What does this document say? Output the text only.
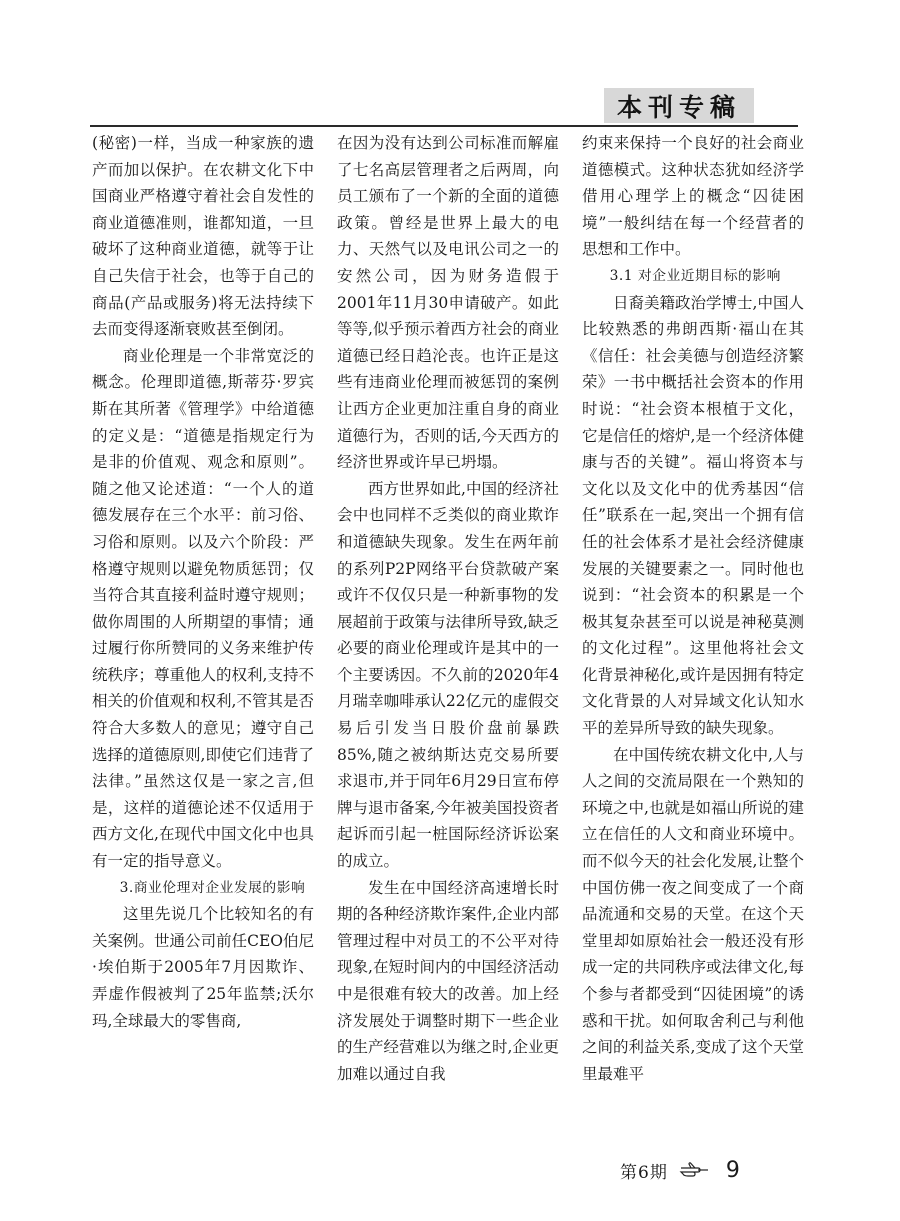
本刊专稿

(秘密)一样，当成一种家族的遗产而加以保护。在农耕文化下中国商业严格遵守着社会自发性的商业道德准则，谁都知道，一旦破坏了这种商业道德，就等于让自己失信于社会，也等于自己的商品(产品或服务)将无法持续下去而变得逐渐衰败甚至倒闭。

商业伦理是一个非常宽泛的概念。伦理即道德,斯蒂芬·罗宾斯在其所著《管理学》中给道德的定义是：“道德是指规定行为是非的价值观、观念和原则”。随之他又论述道：“一个人的道德发展存在三个水平：前习俗、习俗和原则。以及六个阶段：严格遵守规则以避免物质惩罚；仅当符合其直接利益时遵守规则；做你周围的人所期望的事情；通过履行你所赞同的义务来维护传统秩序；尊重他人的权利,支持不相关的价值观和权利,不管其是否符合大多数人的意见；遵守自己选择的道德原则,即使它们违背了法律。”虽然这仅是一家之言,但是，这样的道德论述不仅适用于西方文化,在现代中国文化中也具有一定的指导意义。

3.商业伦理对企业发展的影响

这里先说几个比较知名的有关案例。世通公司前任CEO伯尼·埃伯斯于2005年7月因欺诈、弄虚作假被判了25年监禁;沃尔玛,全球最大的零售商,

在因为没有达到公司标准而解雇了七名高层管理者之后两周，向员工颁布了一个新的全面的道德政策。曾经是世界上最大的电力、天然气以及电讯公司之一的安然公司，因为财务造假于2001年11月30申请破产。如此等等,似乎预示着西方社会的商业道德已经日趋沦丧。也许正是这些有违商业伦理而被惩罚的案例让西方企业更加注重自身的商业道德行为，否则的话,今天西方的经济世界或许早已坍塌。

西方世界如此,中国的经济社会中也同样不乏类似的商业欺诈和道德缺失现象。发生在两年前的系列P2P网络平台贷款破产案或许不仅仅只是一种新事物的发展超前于政策与法律所导致,缺乏必要的商业伦理或许是其中的一个主要诱因。不久前的2020年4月瑞幸咖啡承认22亿元的虚假交易后引发当日股价盘前暴跌85%,随之被纳斯达克交易所要求退市,并于同年6月29日宣布停牌与退市备案,今年被美国投资者起诉而引起一桩国际经济诉讼案的成立。

发生在中国经济高速增长时期的各种经济欺诈案件,企业内部管理过程中对员工的不公平对待现象,在短时间内的中国经济活动中是很难有较大的改善。加上经济发展处于调整时期下一些企业的生产经营难以为继之时,企业更加难以通过自我

约束来保持一个良好的社会商业道德模式。这种状态犹如经济学借用心理学上的概念“囚徒困境”一般纠结在每一个经营者的思想和工作中。

3.1 对企业近期目标的影响

日裔美籍政治学博士,中国人比较熟悉的弗朗西斯·福山在其《信任：社会美德与创造经济繁荣》一书中概括社会资本的作用时说：“社会资本根植于文化，它是信任的熔炉,是一个经济体健康与否的关键”。福山将资本与文化以及文化中的优秀基因“信任”联系在一起,突出一个拥有信任的社会体系才是社会经济健康发展的关键要素之一。同时他也说到：“社会资本的积累是一个极其复杂甚至可以说是神秘莫测的文化过程”。这里他将社会文化背景神秘化,或许是因拥有特定文化背景的人对异域文化认知水平的差异所导致的缺失现象。

在中国传统农耕文化中,人与人之间的交流局限在一个熟知的环境之中,也就是如福山所说的建立在信任的人文和商业环境中。而不似今天的社会化发展,让整个中国仿佛一夜之间变成了一个商品流通和交易的天堂。在这个天堂里却如原始社会一般还没有形成一定的共同秩序或法律文化,每个参与者都受到“囚徒困境”的诱惑和干扰。如何取舍利己与利他之间的利益关系,变成了这个天堂里最难平

第6期	9
